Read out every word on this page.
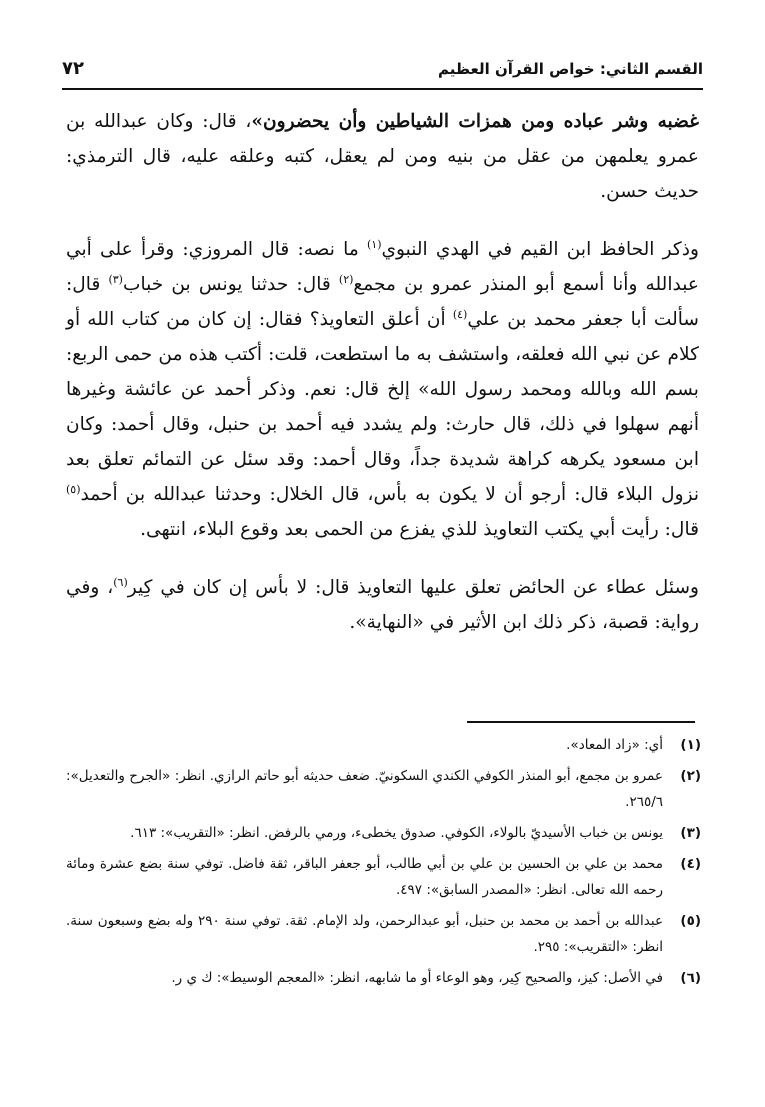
القسم الثاني: خواص القرآن العظيم
٧٢

غضبه وشر عباده ومن همزات الشياطين وأن يحضرون»، قال: وكان عبدالله بن عمرو يعلمهن من عقل من بنيه ومن لم يعقل، كتبه وعلقه عليه، قال الترمذي: حديث حسن.

وذكر الحافظ ابن القيم في الهدي النبوي$^{(١)}$ ما نصه: قال المروزي: وقرأ على أبي عبدالله وأنا أسمع أبو المنذر عمرو بن مجمع$^{(٢)}$ قال: حدثنا يونس بن خباب$^{(٣)}$ قال: سألت أبا جعفر محمد بن علي$^{(٤)}$ أن أعلق التعاويذ؟ فقال: إن كان من كتاب الله أو كلام عن نبي الله فعلقه، واستشف به ما استطعت، قلت: أكتب هذه من حمى الربع: بسم الله وبالله ومحمد رسول الله» إلخ قال: نعم. وذكر أحمد عن عائشة وغيرها أنهم سهلوا في ذلك، قال حارث: ولم يشدد فيه أحمد بن حنبل، وقال أحمد: وكان ابن مسعود يكرهه كراهة شديدة جداً، وقال أحمد: وقد سئل عن التمائم تعلق بعد نزول البلاء قال: أرجو أن لا يكون به بأس، قال الخلال: وحدثنا عبدالله بن أحمد$^{(٥)}$ قال: رأيت أبي يكتب التعاويذ للذي يفزع من الحمى بعد وقوع البلاء، انتهى.

وسئل عطاء عن الحائض تعلق عليها التعاويذ قال: لا بأس إن كان في كِير$^{(٦)}$، وفي رواية: قصبة، ذكر ذلك ابن الأثير في «النهاية».

(١)
أي: «زاد المعاد».
(٢)
عمرو بن مجمع، أبو المنذر الكوفي الكندي السكونيّ. ضعف حديثه أبو حاتم الرازي. انظر: «الجرح والتعديل»: ٢٦٥/٦.
(٣)
يونس بن خباب الأسيديّ بالولاء، الكوفي. صدوق يخطىء، ورمي بالرفض. انظر: «التقريب»: ٦١٣.
(٤)
محمد بن علي بن الحسين بن علي بن أبي طالب، أبو جعفر الباقر، ثقة فاضل. توفي سنة بضع عشرة ومائة رحمه الله تعالى. انظر: «المصدر السابق»: ٤٩٧.
(٥)
عبدالله بن أحمد بن محمد بن حنبل، أبو عبدالرحمن، ولد الإمام. ثقة. توفي سنة ٢٩٠ وله بضع وسبعون سنة. انظر: «التقريب»: ٢٩٥.
(٦)
في الأصل: كيز، والصحيح كِير، وهو الوعاء أو ما شابهه، انظر: «المعجم الوسيط»: ك ي ر.
